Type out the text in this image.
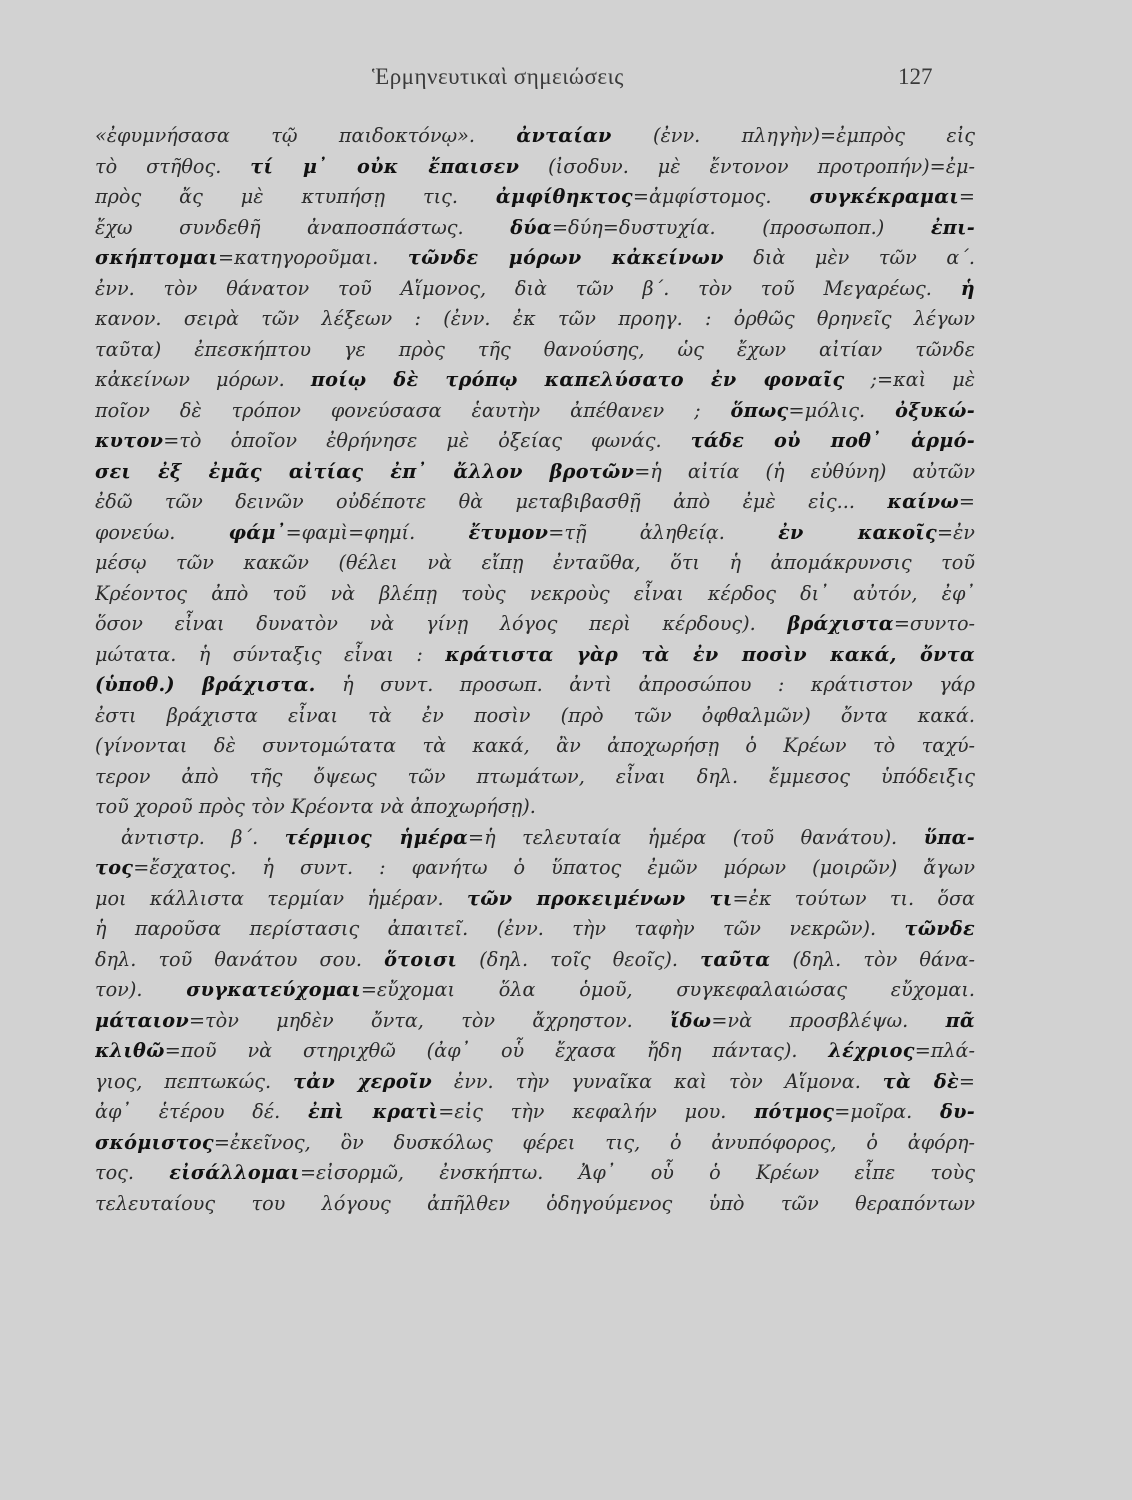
Ἑρμηνευτικαὶ σημειώσεις	127
«ἐφυμνήσασα τῷ παιδοκτόνῳ». ἀνταίαν (ἐνν. πληγὴν)=ἐμπρὸς εἰς
τὸ στῆθος. τί μ᾽ οὐκ ἔπαισεν (ἰσοδυν. μὲ ἔντονον προτροπήν)=ἐμ-
πρὸς ἄς μὲ κτυπήσῃ τις. ἀμφίθηκτος=ἀμφίστομος. συγκέκραμαι=
ἔχω συνδεθῆ ἀναποσπάστως. δύα=δύη=δυστυχία. (προσωποπ.) ἐπι-
σκήπτομαι=κατηγοροῦμαι. τῶνδε μόρων κἀκείνων διὰ μὲν τῶν α΄.
ἐνν. τὸν θάνατον τοῦ Αἵμονος, διὰ τῶν β΄. τὸν τοῦ Μεγαρέως. ἡ
κανον. σειρὰ τῶν λέξεων : (ἐνν. ἐκ τῶν προηγ. : ὀρθῶς θρηνεῖς λέγων
ταῦτα) ἐπεσκήπτου γε πρὸς τῆς θανούσης, ὡς ἔχων αἰτίαν τῶνδε
κἀκείνων μόρων. ποίῳ δὲ τρόπῳ καπελύσατο ἐν φοναῖς ;=καὶ μὲ
ποῖον δὲ τρόπον φονεύσασα ἑαυτὴν ἀπέθανεν ; ὅπως=μόλις. ὀξυκώ-
κυτον=τὸ ὁποῖον ἐθρήνησε μὲ ὀξείας φωνάς. τάδε οὐ ποθ᾽ ἁρμό-
σει ἐξ ἐμᾶς αἰτίας ἐπ᾽ ἄλλον βροτῶν=ἡ αἰτία (ἡ εὐθύνη) αὐτῶν
ἐδῶ τῶν δεινῶν οὐδέποτε θὰ μεταβιβασθῇ ἀπὸ ἐμὲ εἰς... καίνω=
φονεύω. φάμ᾽=φαμὶ=φημί. ἔτυμον=τῇ ἀληθείᾳ. ἐν κακοῖς=ἐν
μέσῳ τῶν κακῶν (θέλει νὰ εἴπῃ ἐνταῦθα, ὅτι ἡ ἀπομάκρυνσις τοῦ
Κρέοντος ἀπὸ τοῦ νὰ βλέπῃ τοὺς νεκροὺς εἶναι κέρδος δι᾽ αὐτόν, ἐφ᾽
ὅσον εἶναι δυνατὸν νὰ γίνῃ λόγος περὶ κέρδους). βράχιστα=συντο-
μώτατα. ἡ σύνταξις εἶναι : κράτιστα γὰρ τὰ ἐν ποσὶν κακά, ὄντα
(ὑποθ.) βράχιστα. ἡ συντ. προσωπ. ἀντὶ ἀπροσώπου : κράτιστον γάρ
ἐστι βράχιστα εἶναι τὰ ἐν ποσὶν (πρὸ τῶν ὀφθαλμῶν) ὄντα κακά.
(γίνονται δὲ συντομώτατα τὰ κακά, ἂν ἀποχωρήσῃ ὁ Κρέων τὸ ταχύ-
τερον ἀπὸ τῆς ὄψεως τῶν πτωμάτων, εἶναι δηλ. ἔμμεσος ὑπόδειξις
τοῦ χοροῦ πρὸς τὸν Κρέοντα νὰ ἀποχωρήσῃ).
ἀντιστρ. β΄. τέρμιος ἡμέρα=ἡ τελευταία ἡμέρα (τοῦ θανάτου). ὕπα-
τος=ἔσχατος. ἡ συντ. : φανήτω ὁ ὕπατος ἐμῶν μόρων (μοιρῶν) ἄγων
μοι κάλλιστα τερμίαν ἡμέραν. τῶν προκειμένων τι=ἐκ τούτων τι. ὅσα
ἡ παροῦσα περίστασις ἀπαιτεῖ. (ἐνν. τὴν ταφὴν τῶν νεκρῶν). τῶνδε
δηλ. τοῦ θανάτου σου. ὅτοισι (δηλ. τοῖς θεοῖς). ταῦτα (δηλ. τὸν θάνα-
τον). συγκατεύχομαι=εὔχομαι ὅλα ὁμοῦ, συγκεφαλαιώσας εὔχομαι.
μάταιον=τὸν μηδὲν ὄντα, τὸν ἄχρηστον. ἴδω=νὰ προσβλέψω. πᾶ
κλιθῶ=ποῦ νὰ στηριχθῶ (ἀφ᾽ οὗ ἔχασα ἤδη πάντας). λέχριος=πλά-
γιος, πεπτωκώς. τἀν χεροῖν ἐνν. τὴν γυναῖκα καὶ τὸν Αἵμονα. τὰ δὲ=
ἀφ᾽ ἑτέρου δέ. ἐπὶ κρατὶ=εἰς τὴν κεφαλήν μου. πότμος=μοῖρα. δυ-
σκόμιστος=ἐκεῖνος, ὃν δυσκόλως φέρει τις, ὁ ἀνυπόφορος, ὁ ἀφόρη-
τος. εἰσάλλομαι=εἰσορμῶ, ἐνσκήπτω. Ἀφ᾽ οὗ ὁ Κρέων εἶπε τοὺς
τελευταίους του λόγους ἀπῆλθεν ὁδηγούμενος ὑπὸ τῶν θεραπόντων
